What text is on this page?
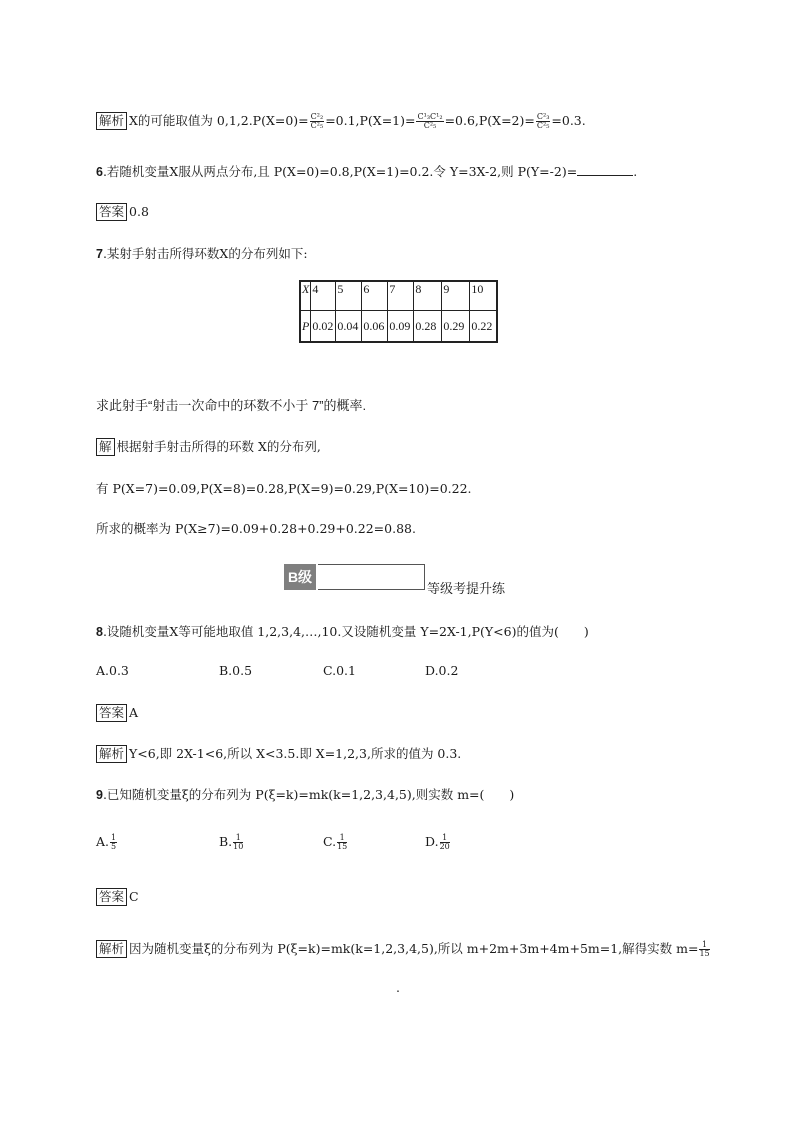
解析 X的可能取值为 $0,1,2.P(X=0)= \frac{\text{C²₂}}{\text{C²₅}} =0.1,P(X=1)= \frac{\text{C¹₃C¹₂}}{\text{C²₅}} =0.6,P(X=2)= \frac{\text{C²₃}}{\text{C²₅}} =0.3$.
6.若随机变量X服从两点分布,且 P(X=0)=0.8,P(X=1)=0.2.令 Y=3X-2,则 P(Y=-2)=	.
答案 0.8
7.某射手射击所得环数X的分布列如下:
X	4	5	6	7	8	9	10
P	0.02	0.04	0.06	0.09	0.28	0.29	0.22
求此射手“射击一次命中的环数不小于 7”的概率.
解 根据射手射击所得的环数 X的分布列,
有 P(X=7)=0.09,P(X=8)=0.28,P(X=9)=0.29,P(X=10)=0.22.
所求的概率为 P(X≥7)=0.09+0.28+0.29+0.22=0.88.
B级
等级考提升练
8.设随机变量X等可能地取值 1,2,3,4,…,10.又设随机变量 Y=2X-1,P(Y<6)的值为(　　)
A.0.3	B.0.5	C.0.1	D.0.2
答案 A
解析 Y<6,即 2X-1<6,所以 X<3.5.即 X=1,2,3,所求的值为 0.3.
9.已知随机变量ξ的分布列为 P(ξ=k)=mk(k=1,2,3,4,5),则实数 m=(　　)
A. $\frac{1}{5}$	B. $\frac{1}{10}$	C. $\frac{1}{15}$	D. $\frac{1}{20}$
答案 C
解析 因为随机变量ξ的分布列为 P(ξ=k)=mk(k=1,2,3,4,5),所以 m+2m+3m+4m+5m=1,解得实数 $m= \frac{1}{15}$
.
